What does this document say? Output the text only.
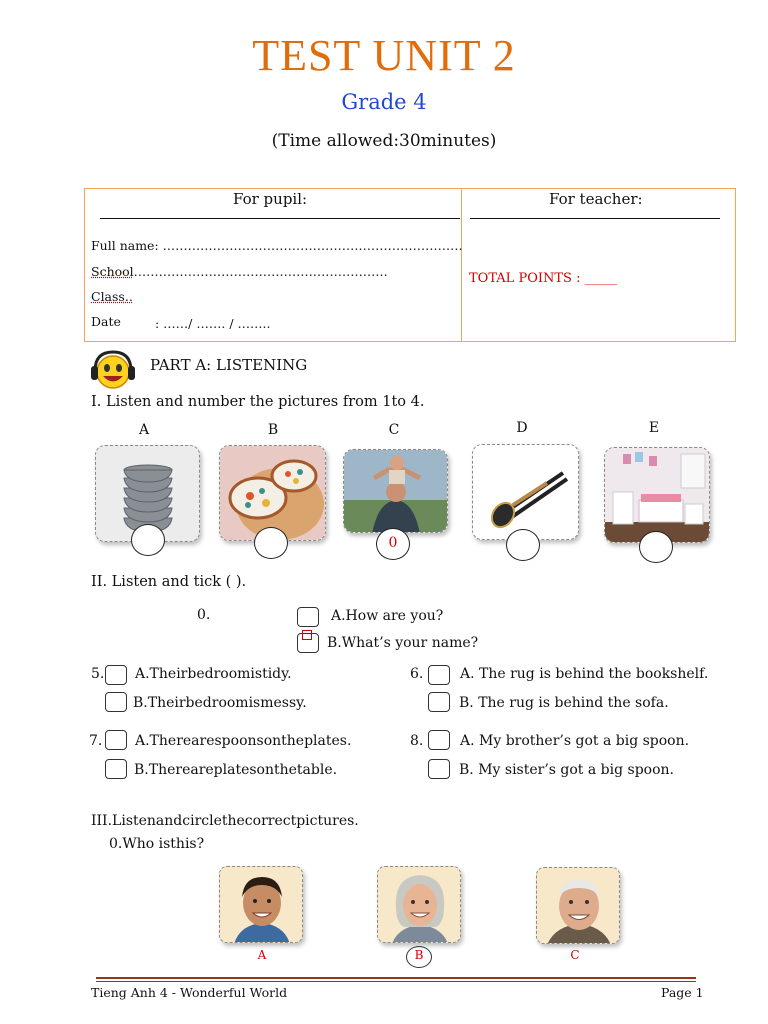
TEST UNIT 2
Grade 4
(Time allowed:30minutes)
For pupil:	For teacher:
Full name: ………………………………………………………………
School…………………………………………………….
Class..
Date	: ……/ ……. / ……..
TOTAL POINTS : _____
PART A: LISTENING
I. Listen and number the pictures from 1to 4.
A	B	C	D	E
0
II. Listen and tick ( ).
0.	A.How are you?
B.What’s your name?
5. A.Theirbedroomistidy.
B.Theirbedroomismessy.
6.	A. The rug is behind the bookshelf.
B. The rug is behind the sofa.
7. A.Therearespoonsontheplates.
B.Thereareplatesonthetable.
8.	A. My brother’s got a big spoon.
B. My sister’s got a big spoon.
III.Listenandcirclethecorrectpictures.
0.Who isthis?
A	B	C
Tieng Anh 4 - Wonderful World	Page 1
